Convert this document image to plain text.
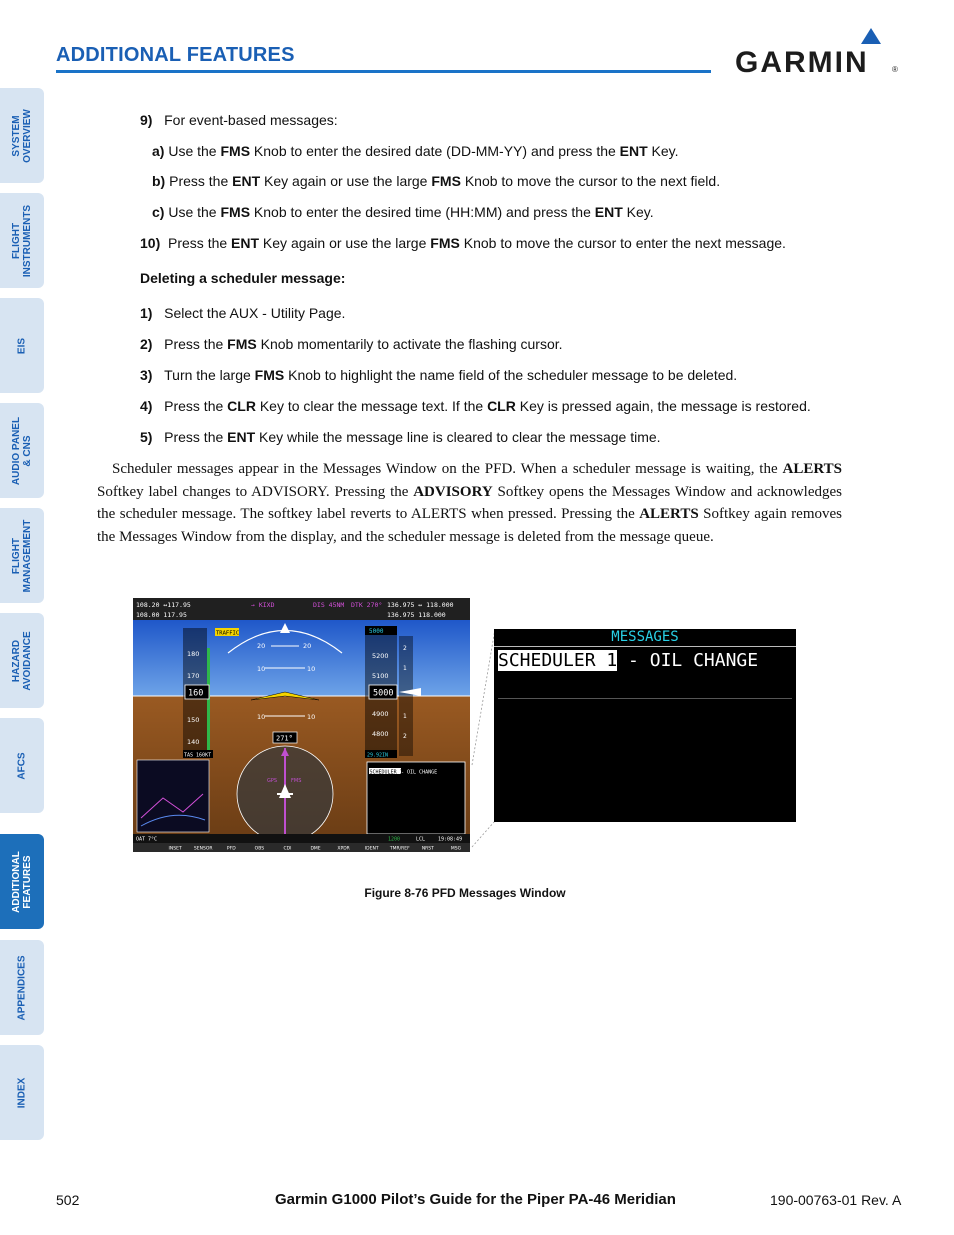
ADDITIONAL FEATURES	GARMIN	®
SYSTEM OVERVIEW
FLIGHT INSTRUMENTS
EIS
AUDIO PANEL & CNS
FLIGHT MANAGEMENT
HAZARD AVOIDANCE
AFCS
ADDITIONAL FEATURES
APPENDICES
INDEX
9) For event-based messages:
a) Use the FMS Knob to enter the desired date (DD-MM-YY) and press the ENT Key.
b) Press the ENT Key again or use the large FMS Knob to move the cursor to the next field.
c) Use the FMS Knob to enter the desired time (HH:MM) and press the ENT Key.
10) Press the ENT Key again or use the large FMS Knob to move the cursor to enter the next message.
Deleting a scheduler message:
1) Select the AUX - Utility Page.
2) Press the FMS Knob momentarily to activate the flashing cursor.
3) Turn the large FMS Knob to highlight the name field of the scheduler message to be deleted.
4) Press the CLR Key to clear the message text. If the CLR Key is pressed again, the message is restored.
5) Press the ENT Key while the message line is cleared to clear the message time.
Scheduler messages appear in the Messages Window on the PFD. When a scheduler message is waiting, the ALERTS Softkey label changes to ADVISORY. Pressing the ADVISORY Softkey opens the Messages Window and acknowledges the scheduler message. The softkey label reverts to ALERTS when pressed. Pressing the ALERTS Softkey again removes the Messages Window from the display, and the scheduler message is deleted from the message queue.
108.20 ↔117.95
108.00 117.95
→ KIXD	DIS 45NM DTK 270° 136.975 ↔ 118.000
136.975 118.000
20	20
10	10
10	10
TRAFFIC
180
170
150
140
160
TAS 160KT
5000
5200
5100
4900
4800
5000
29.92IN
2
1
1
2
271°
GPS	FMS
SCHEDULER 1
- OIL CHANGE
OAT 7°C	1200	LCL	19:08:49
INSET	SENSOR	PFD	OBS	CDI	DME	XPDR	IDENT	TMR/REF	NRST	MSG
MESSAGES
SCHEDULER 1 - OIL CHANGE
Figure 8-76 PFD Messages Window
502	Garmin G1000 Pilot’s Guide for the Piper PA-46 Meridian	190-00763-01 Rev. A
